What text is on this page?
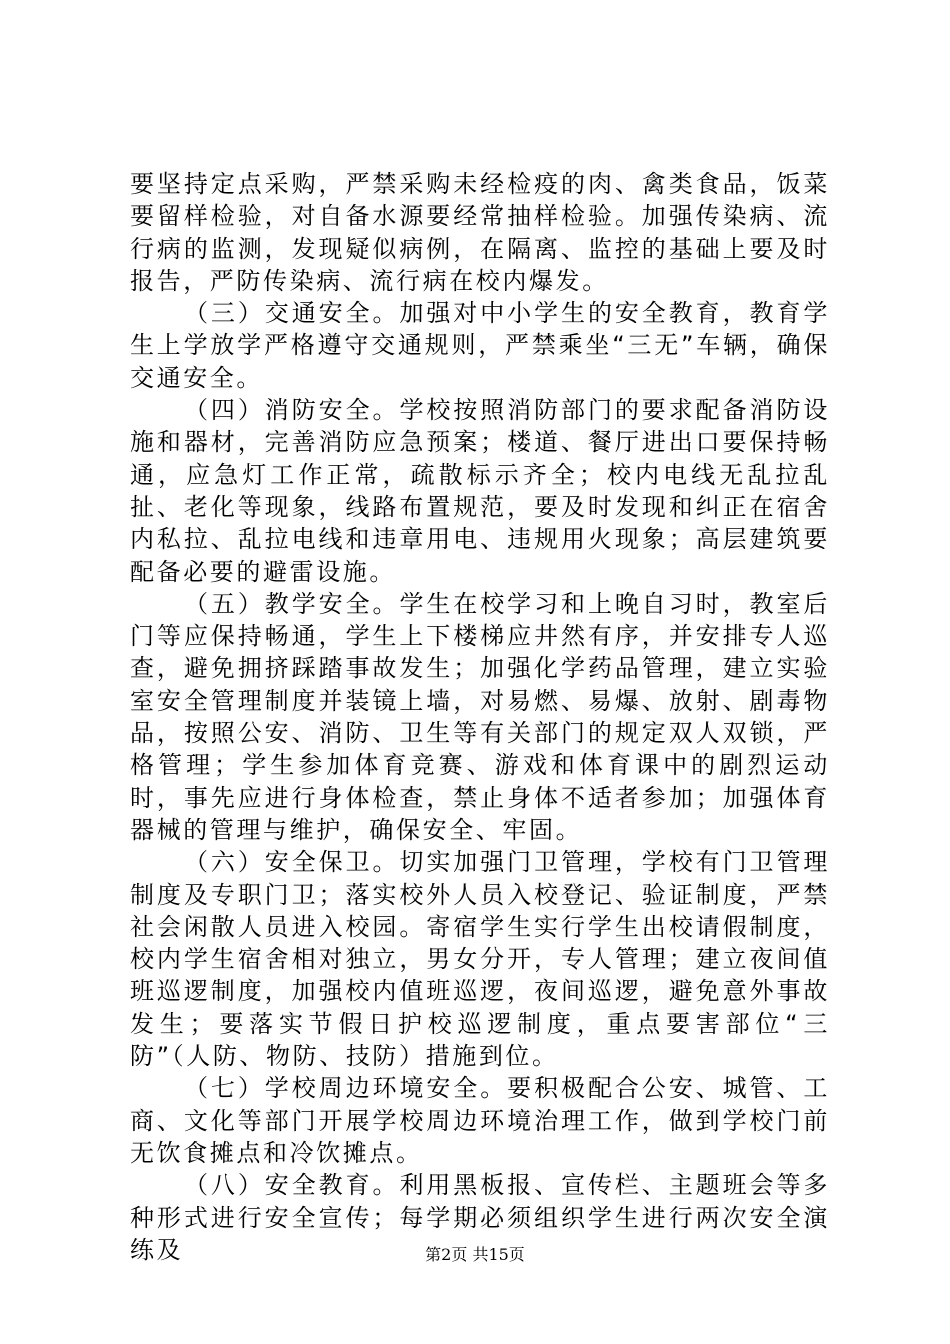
要坚持定点采购，严禁采购未经检疫的肉、禽类食品，饭菜要留样检验，对自备水源要经常抽样检验。加强传染病、流行病的监测，发现疑似病例，在隔离、监控的基础上要及时报告，严防传染病、流行病在校内爆发。

（三）交通安全。加强对中小学生的安全教育，教育学生上学放学严格遵守交通规则，严禁乘坐“三无”车辆，确保交通安全。

（四）消防安全。学校按照消防部门的要求配备消防设施和器材，完善消防应急预案；楼道、餐厅进出口要保持畅通，应急灯工作正常，疏散标示齐全；校内电线无乱拉乱扯、老化等现象，线路布置规范，要及时发现和纠正在宿舍内私拉、乱拉电线和违章用电、违规用火现象；高层建筑要配备必要的避雷设施。

（五）教学安全。学生在校学习和上晚自习时，教室后门等应保持畅通，学生上下楼梯应井然有序，并安排专人巡查，避免拥挤踩踏事故发生；加强化学药品管理，建立实验室安全管理制度并装镜上墙，对易燃、易爆、放射、剧毒物品，按照公安、消防、卫生等有关部门的规定双人双锁，严格管理；学生参加体育竞赛、游戏和体育课中的剧烈运动时，事先应进行身体检查，禁止身体不适者参加；加强体育器械的管理与维护，确保安全、牢固。

（六）安全保卫。切实加强门卫管理，学校有门卫管理制度及专职门卫；落实校外人员入校登记、验证制度，严禁社会闲散人员进入校园。寄宿学生实行学生出校请假制度，校内学生宿舍相对独立，男女分开，专人管理；建立夜间值班巡逻制度，加强校内值班巡逻，夜间巡逻，避免意外事故发生；要落实节假日护校巡逻制度，重点要害部位“三防”（人防、物防、技防）措施到位。

（七）学校周边环境安全。要积极配合公安、城管、工商、文化等部门开展学校周边环境治理工作，做到学校门前无饮食摊点和冷饮摊点。

（八）安全教育。利用黑板报、宣传栏、主题班会等多种形式进行安全宣传；每学期必须组织学生进行两次安全演练及	第2页 共15页
